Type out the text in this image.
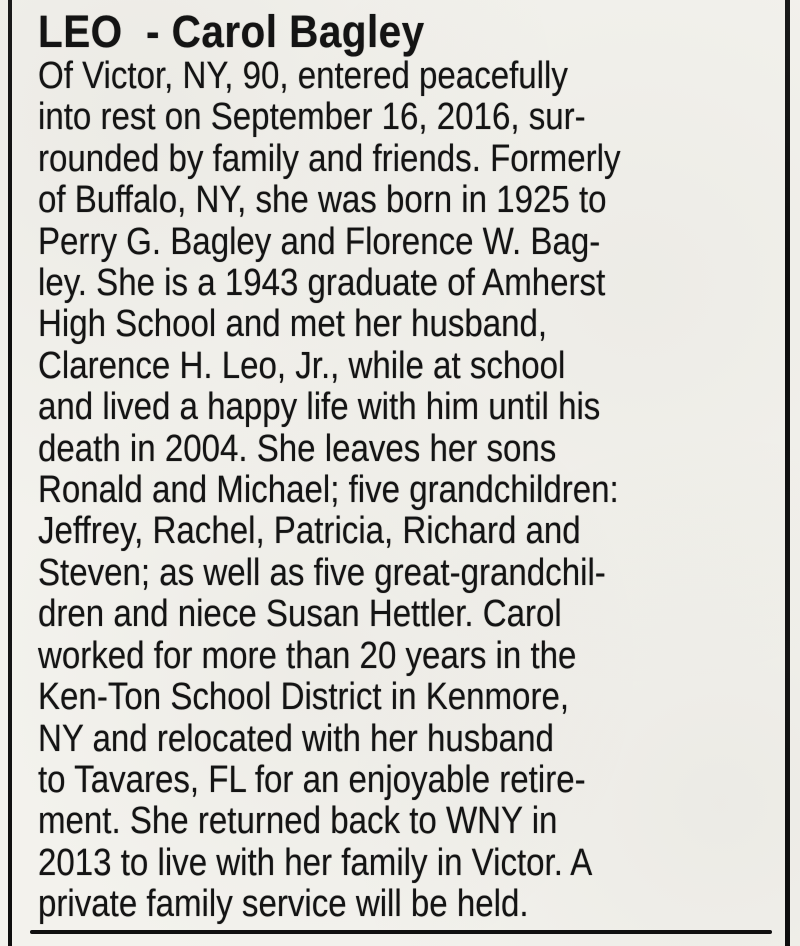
LEO  - Carol Bagley
Of Victor, NY, 90, entered peacefully
into rest on September 16, 2016, sur-
rounded by family and friends. Formerly
of Buffalo, NY, she was born in 1925 to
Perry G. Bagley and Florence W. Bag-
ley. She is a 1943 graduate of Amherst
High School and met her husband,
Clarence H. Leo, Jr., while at school
and lived a happy life with him until his
death in 2004. She leaves her sons
Ronald and Michael; five grandchildren:
Jeffrey, Rachel, Patricia, Richard and
Steven; as well as five great-grandchil-
dren and niece Susan Hettler. Carol
worked for more than 20 years in the
Ken-Ton School District in Kenmore,
NY and relocated with her husband
to Tavares, FL for an enjoyable retire-
ment. She returned back to WNY in
2013 to live with her family in Victor. A
private family service will be held.
